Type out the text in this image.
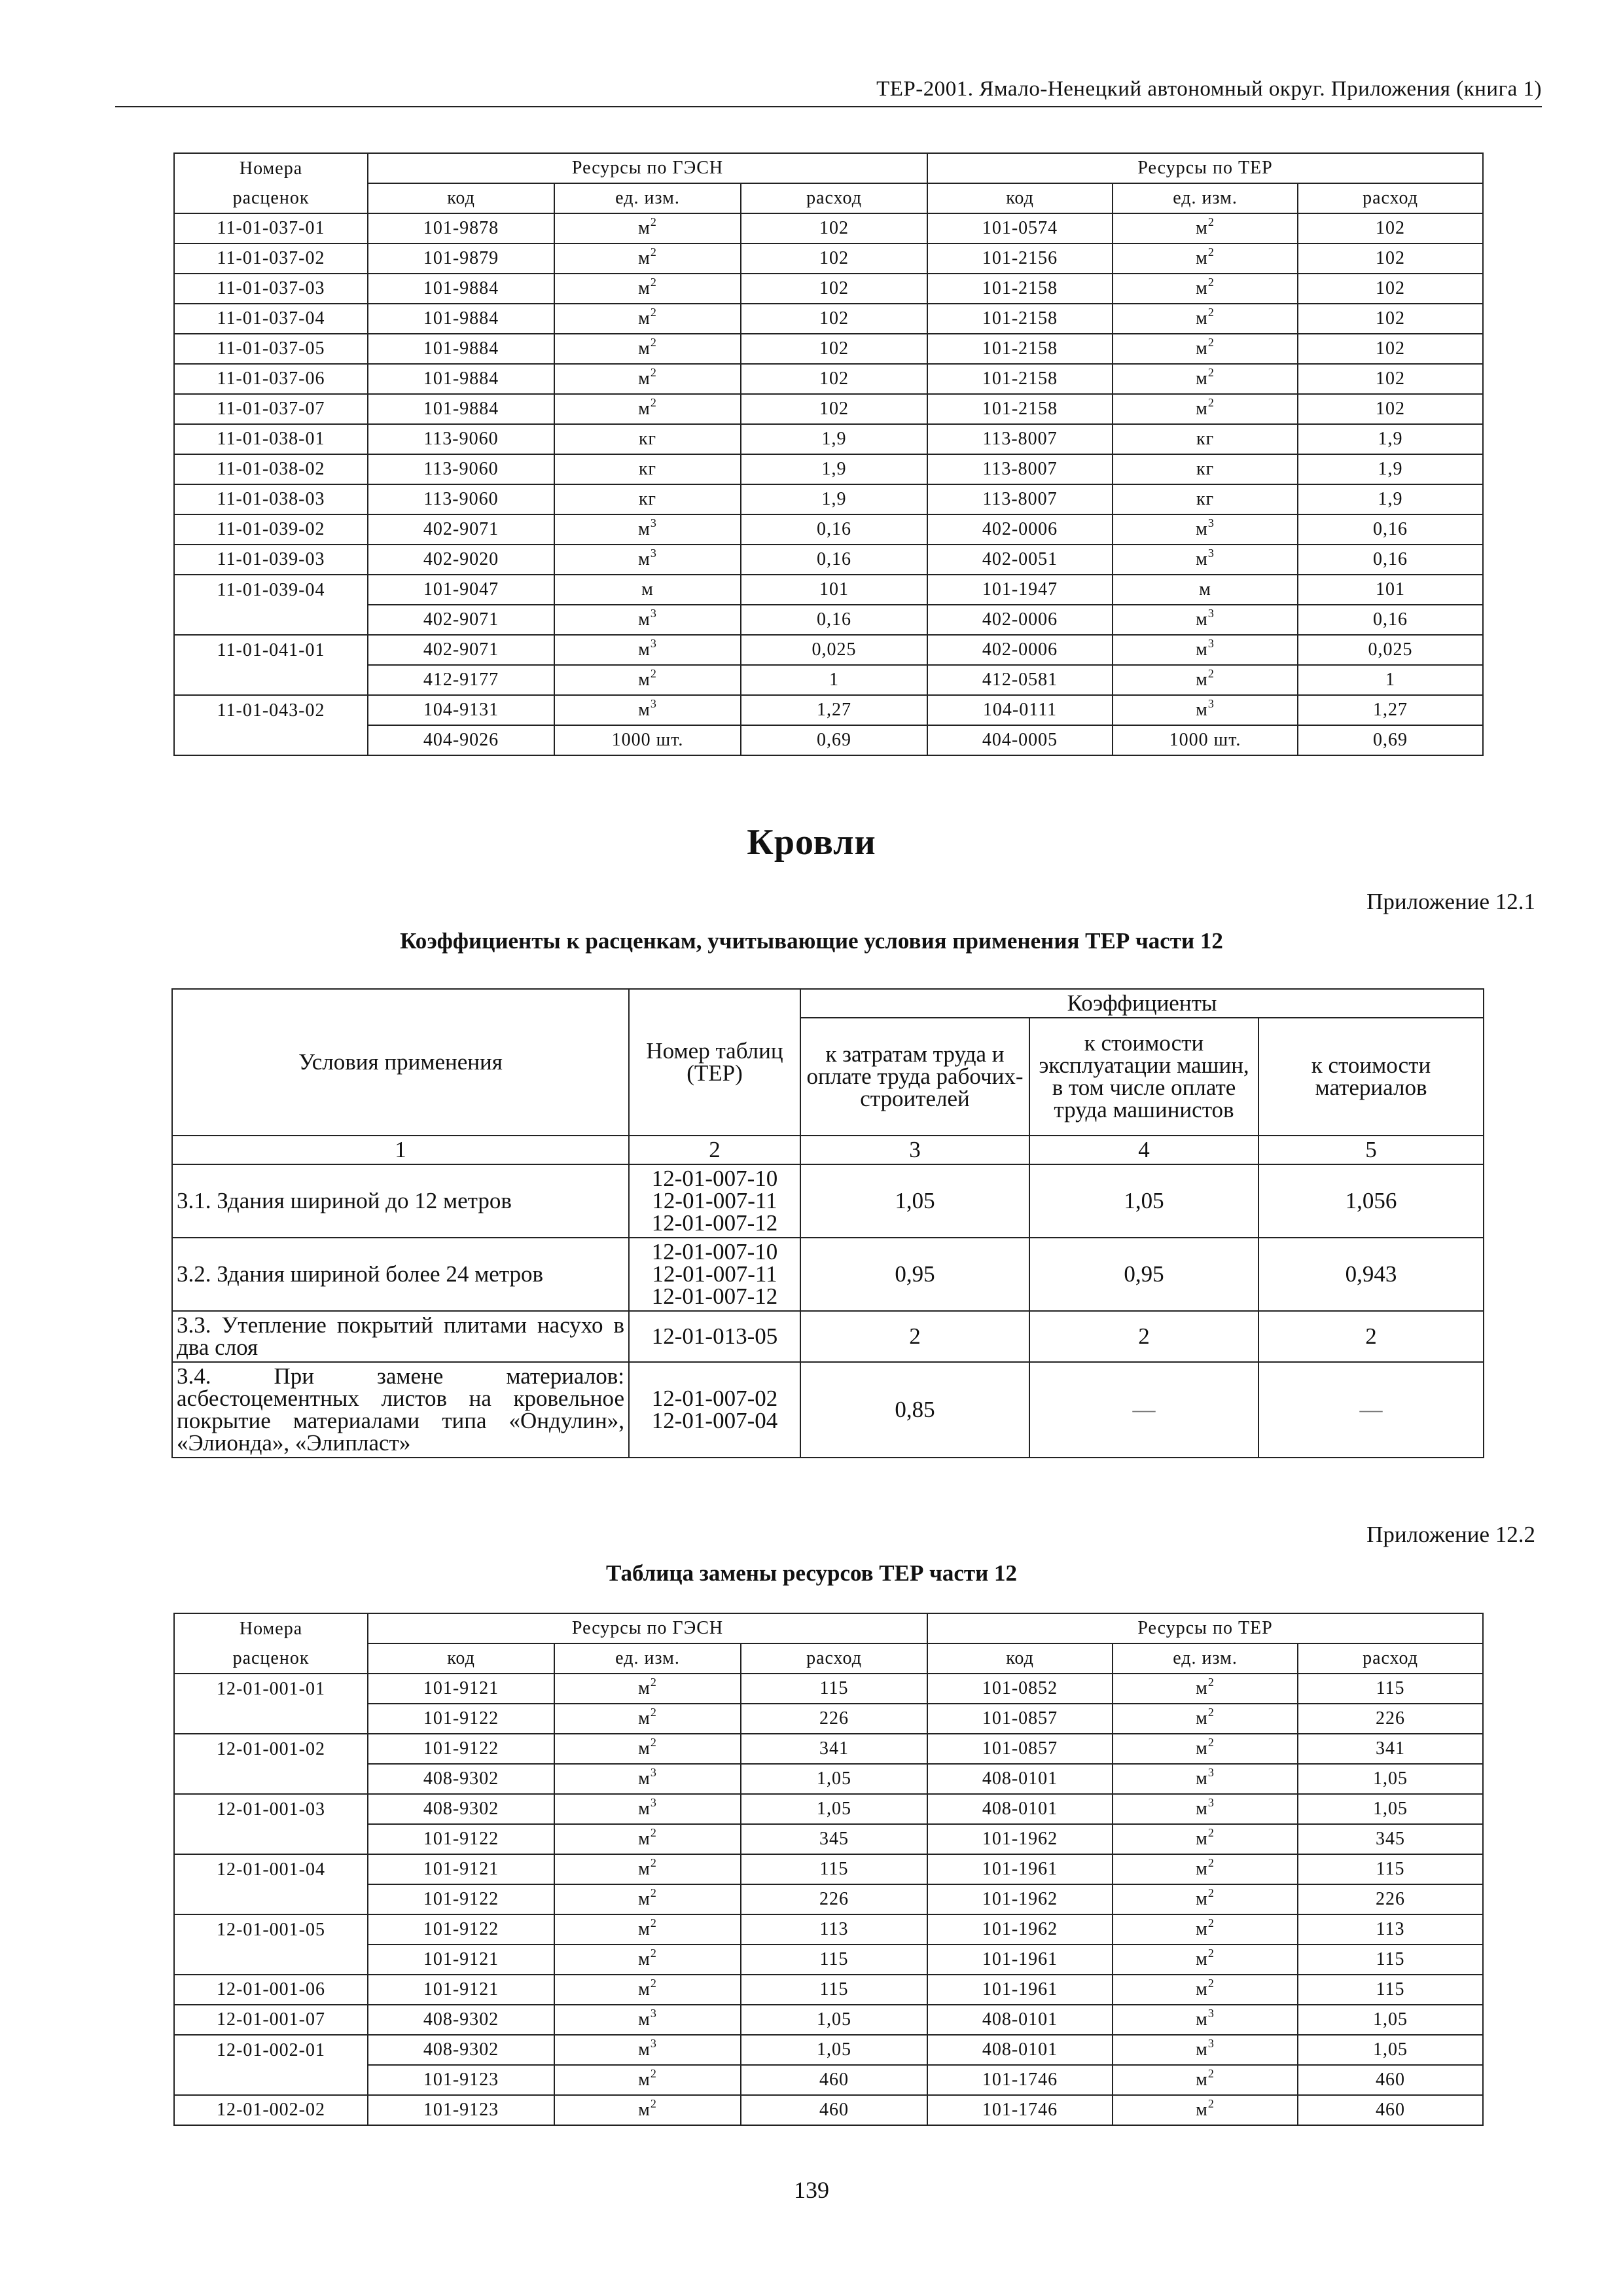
ТЕР-2001. Ямало-Ненецкий автономный округ. Приложения (книга 1)
Номера	Ресурсы по ГЭСН			Ресурсы по ТЕР		
расценок	код	ед. изм.	расход	код	ед. изм.	расход
11-01-037-01	101-9878	$м^2$	102	101-0574	$м^2$	102
11-01-037-02	101-9879	$м^2$	102	101-2156	$м^2$	102
11-01-037-03	101-9884	$м^2$	102	101-2158	$м^2$	102
11-01-037-04	101-9884	$м^2$	102	101-2158	$м^2$	102
11-01-037-05	101-9884	$м^2$	102	101-2158	$м^2$	102
11-01-037-06	101-9884	$м^2$	102	101-2158	$м^2$	102
11-01-037-07	101-9884	$м^2$	102	101-2158	$м^2$	102
11-01-038-01	113-9060	кг	1,9	113-8007	кг	1,9
11-01-038-02	113-9060	кг	1,9	113-8007	кг	1,9
11-01-038-03	113-9060	кг	1,9	113-8007	кг	1,9
11-01-039-02	402-9071	$м^3$	0,16	402-0006	$м^3$	0,16
11-01-039-03	402-9020	$м^3$	0,16	402-0051	$м^3$	0,16
11-01-039-04	101-9047	м	101	101-1947	м	101
	402-9071	$м^3$	0,16	402-0006	$м^3$	0,16
11-01-041-01	402-9071	$м^3$	0,025	402-0006	$м^3$	0,025
	412-9177	$м^2$	1	412-0581	$м^2$	1
11-01-043-02	104-9131	$м^3$	1,27	104-0111	$м^3$	1,27
	404-9026	1000 шт.	0,69	404-0005	1000 шт.	0,69
Кровли
Приложение 12.1
Коэффициенты к расценкам, учитывающие условия применения ТЕР части 12
Условия применения	Номер таблиц (ТЕР)	Коэффициенты		
		к затратам труда и оплате труда рабочих-строителей	к стоимости эксплуатации машин, в том числе оплате труда машинистов	к стоимости материалов
1	2	3	4	5
3.1. Здания шириной до 12 метров	12-01-007-10
12-01-007-11
12-01-007-12	1,05	1,05	1,056
3.2. Здания шириной более 24 метров	12-01-007-10
12-01-007-11
12-01-007-12	0,95	0,95	0,943
3.3. Утепление покрытий плитами насухо в два слоя	12-01-013-05	2	2	2
3.4. При замене материалов: асбестоцементных листов на кровельное покрытие материалами типа «Ондулин», «Элионда», «Элипласт»	12-01-007-02
12-01-007-04	0,85	—	—
Приложение 12.2
Таблица замены ресурсов ТЕР части 12
Номера	Ресурсы по ГЭСН			Ресурсы по ТЕР		
расценок	код	ед. изм.	расход	код	ед. изм.	расход
12-01-001-01	101-9121	$м^2$	115	101-0852	$м^2$	115
	101-9122	$м^2$	226	101-0857	$м^2$	226
12-01-001-02	101-9122	$м^2$	341	101-0857	$м^2$	341
	408-9302	$м^3$	1,05	408-0101	$м^3$	1,05
12-01-001-03	408-9302	$м^3$	1,05	408-0101	$м^3$	1,05
	101-9122	$м^2$	345	101-1962	$м^2$	345
12-01-001-04	101-9121	$м^2$	115	101-1961	$м^2$	115
	101-9122	$м^2$	226	101-1962	$м^2$	226
12-01-001-05	101-9122	$м^2$	113	101-1962	$м^2$	113
	101-9121	$м^2$	115	101-1961	$м^2$	115
12-01-001-06	101-9121	$м^2$	115	101-1961	$м^2$	115
12-01-001-07	408-9302	$м^3$	1,05	408-0101	$м^3$	1,05
12-01-002-01	408-9302	$м^3$	1,05	408-0101	$м^3$	1,05
	101-9123	$м^2$	460	101-1746	$м^2$	460
12-01-002-02	101-9123	$м^2$	460	101-1746	$м^2$	460
139
